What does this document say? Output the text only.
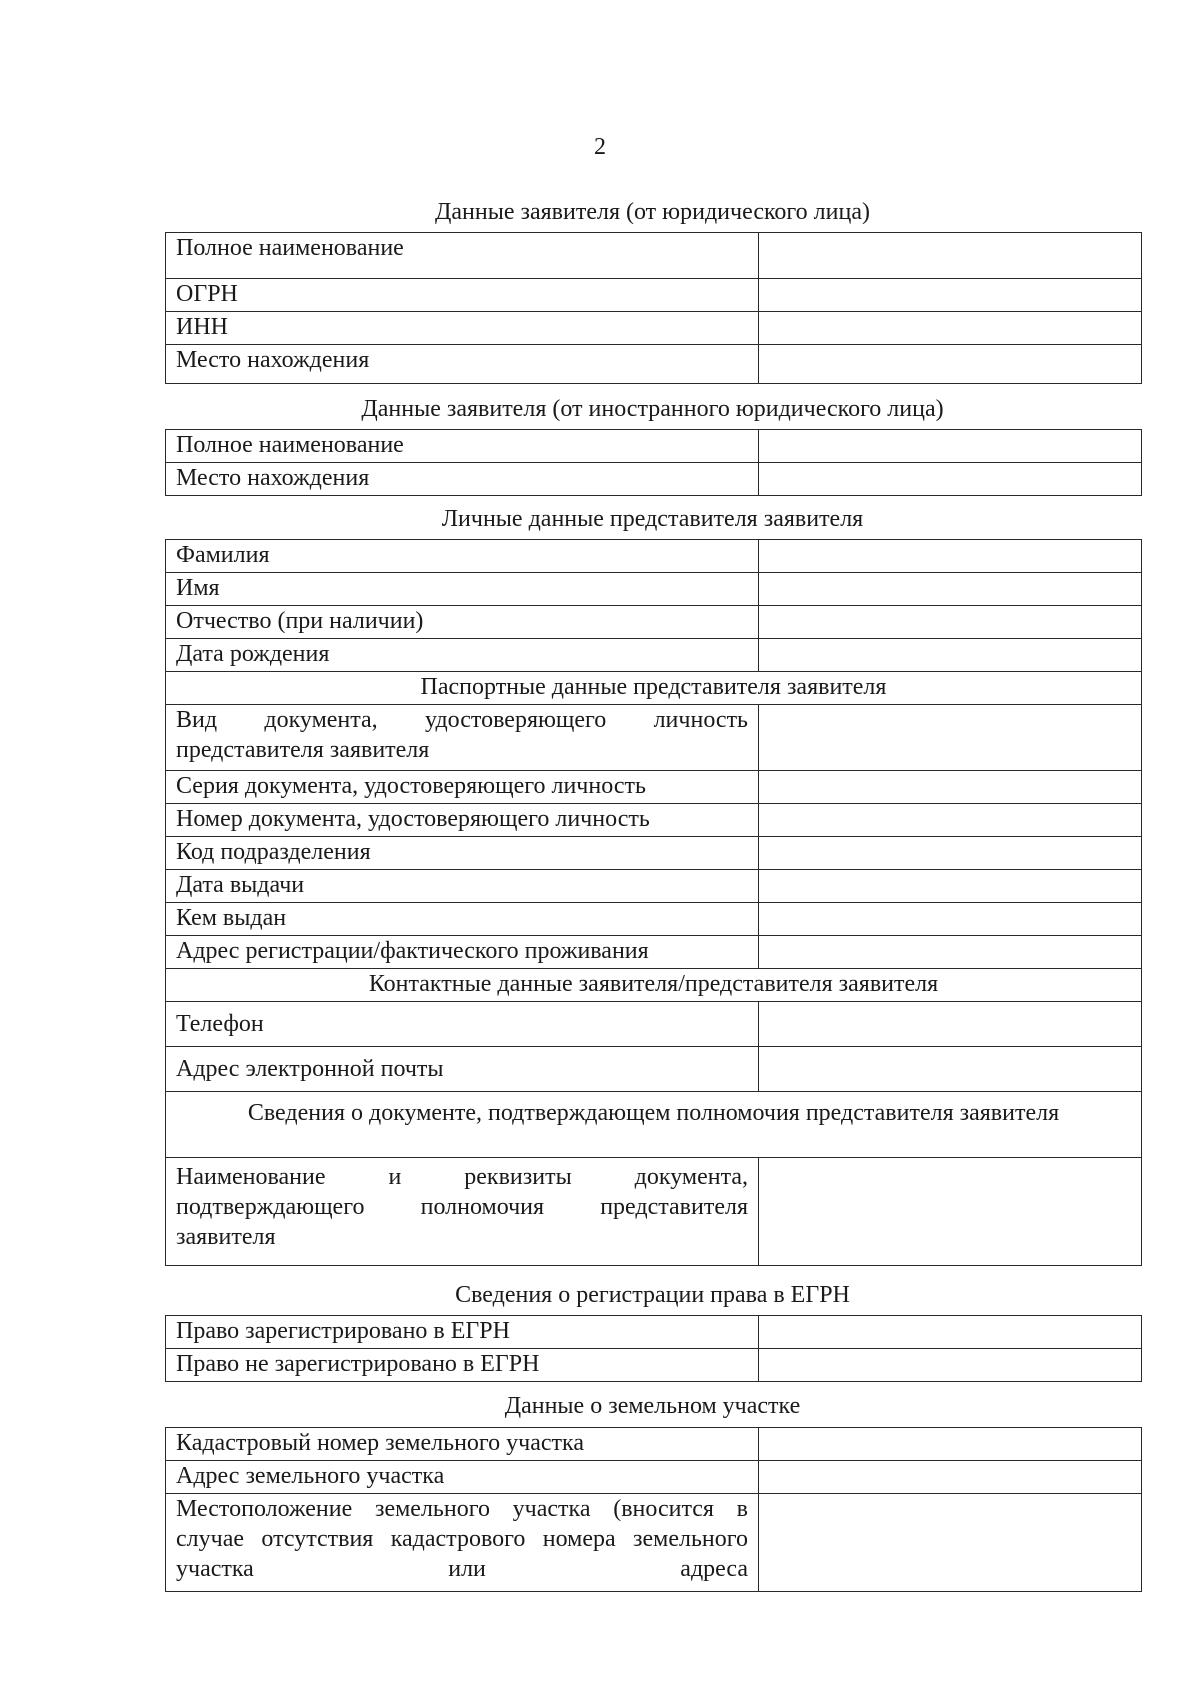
2
Данные заявителя (от юридического лица)
Полное наименование	
ОГРН	
ИНН	
Место нахождения	
Данные заявителя (от иностранного юридического лица)
Полное наименование	
Место нахождения	
Личные данные представителя заявителя
Фамилия	
Имя	
Отчество (при наличии)	
Дата рождения	
Паспортные данные представителя заявителя	

Вид документа, удостоверяющего личность представителя заявителя	

Серия документа, удостоверяющего личность	
Номер документа, удостоверяющего личность	
Код подразделения	
Дата выдачи	
Кем выдан	
Адрес регистрации/фактического проживания	
Контактные данные заявителя/представителя заявителя	
Телефон	
Адрес электронной почты	
Сведения о документе, подтверждающем полномочия представителя заявителя	

Наименование и реквизиты документа, подтверждающего полномочия представителя заявителя	

Сведения о регистрации права в ЕГРН
Право зарегистрировано в ЕГРН	
Право не зарегистрировано в ЕГРН	
Данные о земельном участке
Кадастровый номер земельного участка	
Адрес земельного участка	

Местоположение земельного участка (вносится в случае отсутствия кадастрового номера земельного участка или адреса	
